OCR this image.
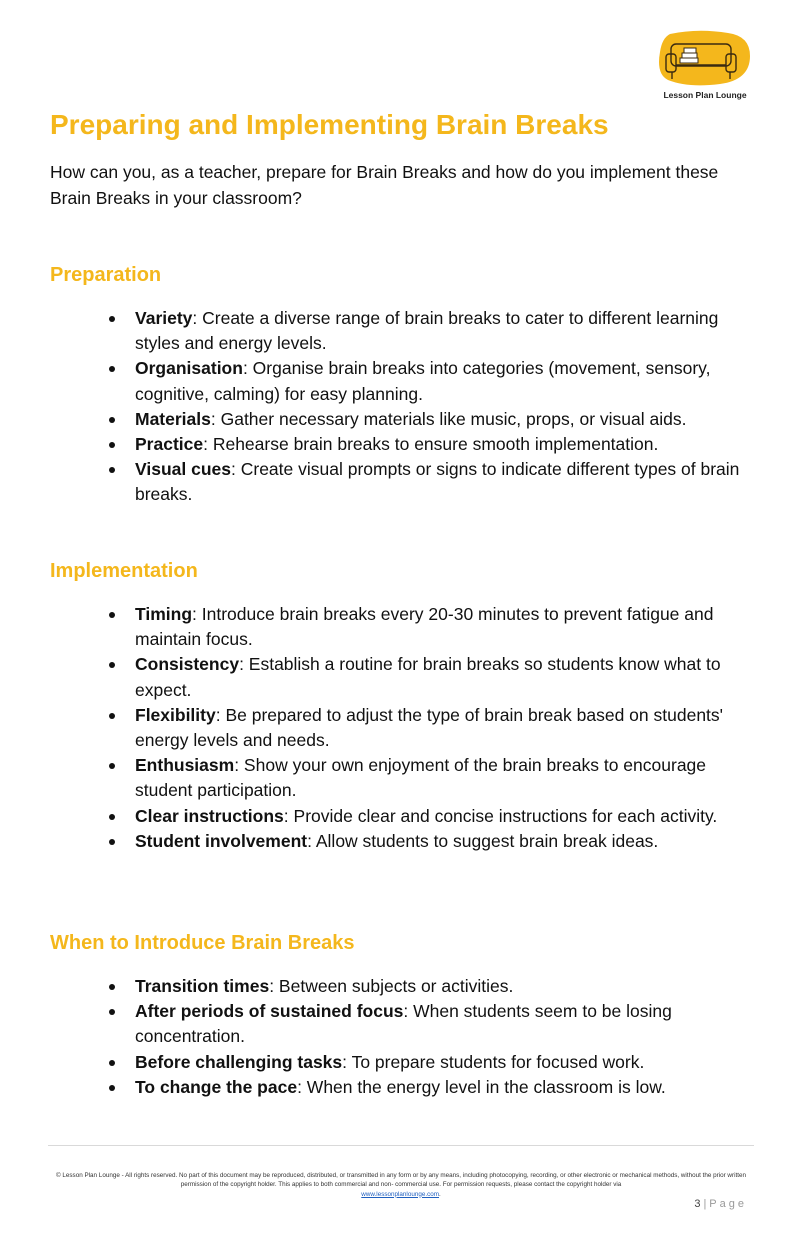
Lesson Plan Lounge
Preparing and Implementing Brain Breaks

How can you, as a teacher, prepare for Brain Breaks and how do you implement these Brain Breaks in your classroom?

Preparation
Variety: Create a diverse range of brain breaks to cater to different learning styles and energy levels.
Organisation: Organise brain breaks into categories (movement, sensory, cognitive, calming) for easy planning.
Materials: Gather necessary materials like music, props, or visual aids.
Practice: Rehearse brain breaks to ensure smooth implementation.
Visual cues: Create visual prompts or signs to indicate different types of brain breaks.
Implementation
Timing: Introduce brain breaks every 20-30 minutes to prevent fatigue and maintain focus.
Consistency: Establish a routine for brain breaks so students know what to expect.
Flexibility: Be prepared to adjust the type of brain break based on students' energy levels and needs.
Enthusiasm: Show your own enjoyment of the brain breaks to encourage student participation.
Clear instructions: Provide clear and concise instructions for each activity.
Student involvement: Allow students to suggest brain break ideas.
When to Introduce Brain Breaks
Transition times: Between subjects or activities.
After periods of sustained focus: When students seem to be losing concentration.
Before challenging tasks: To prepare students for focused work.
To change the pace: When the energy level in the classroom is low.
© Lesson Plan Lounge - All rights reserved. No part of this document may be reproduced, distributed, or transmitted in any form or by any means, including photocopying, recording, or other electronic or mechanical methods, without the prior written permission of the copyright holder. This applies to both commercial and non- commercial use. For permission requests, please contact the copyright holder via
www.lessonplanlounge.com.
3 | Page
